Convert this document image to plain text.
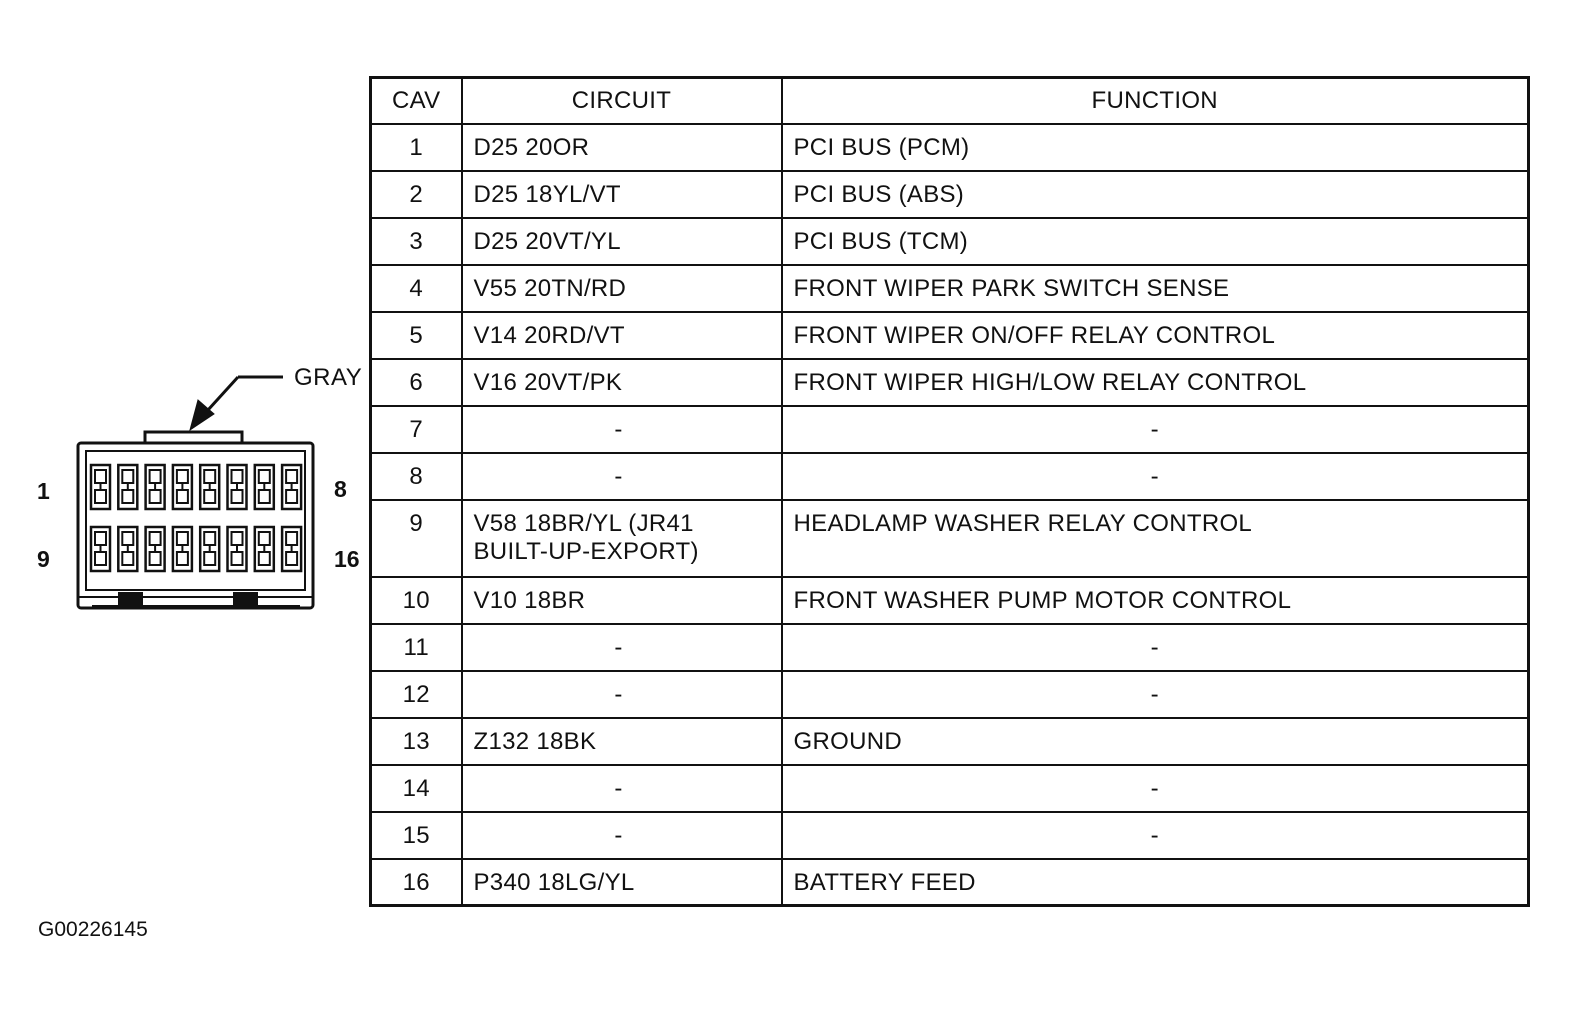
GRAY
1	8
9	16
CAV	CIRCUIT	FUNCTION
1	D25 20OR	PCI BUS (PCM)
2	D25 18YL/VT	PCI BUS (ABS)
3	D25 20VT/YL	PCI BUS (TCM)
4	V55 20TN/RD	FRONT WIPER PARK SWITCH SENSE
5	V14 20RD/VT	FRONT WIPER ON/OFF RELAY CONTROL
6	V16 20VT/PK	FRONT WIPER HIGH/LOW RELAY CONTROL
7	-	-
8	-	-
9	V58 18BR/YL (JR41 BUILT-UP-EXPORT)	HEADLAMP WASHER RELAY CONTROL
10	V10 18BR	FRONT WASHER PUMP MOTOR CONTROL
11	-	-
12	-	-
13	Z132 18BK	GROUND
14	-	-
15	-	-
16	P340 18LG/YL	BATTERY FEED
G00226145
